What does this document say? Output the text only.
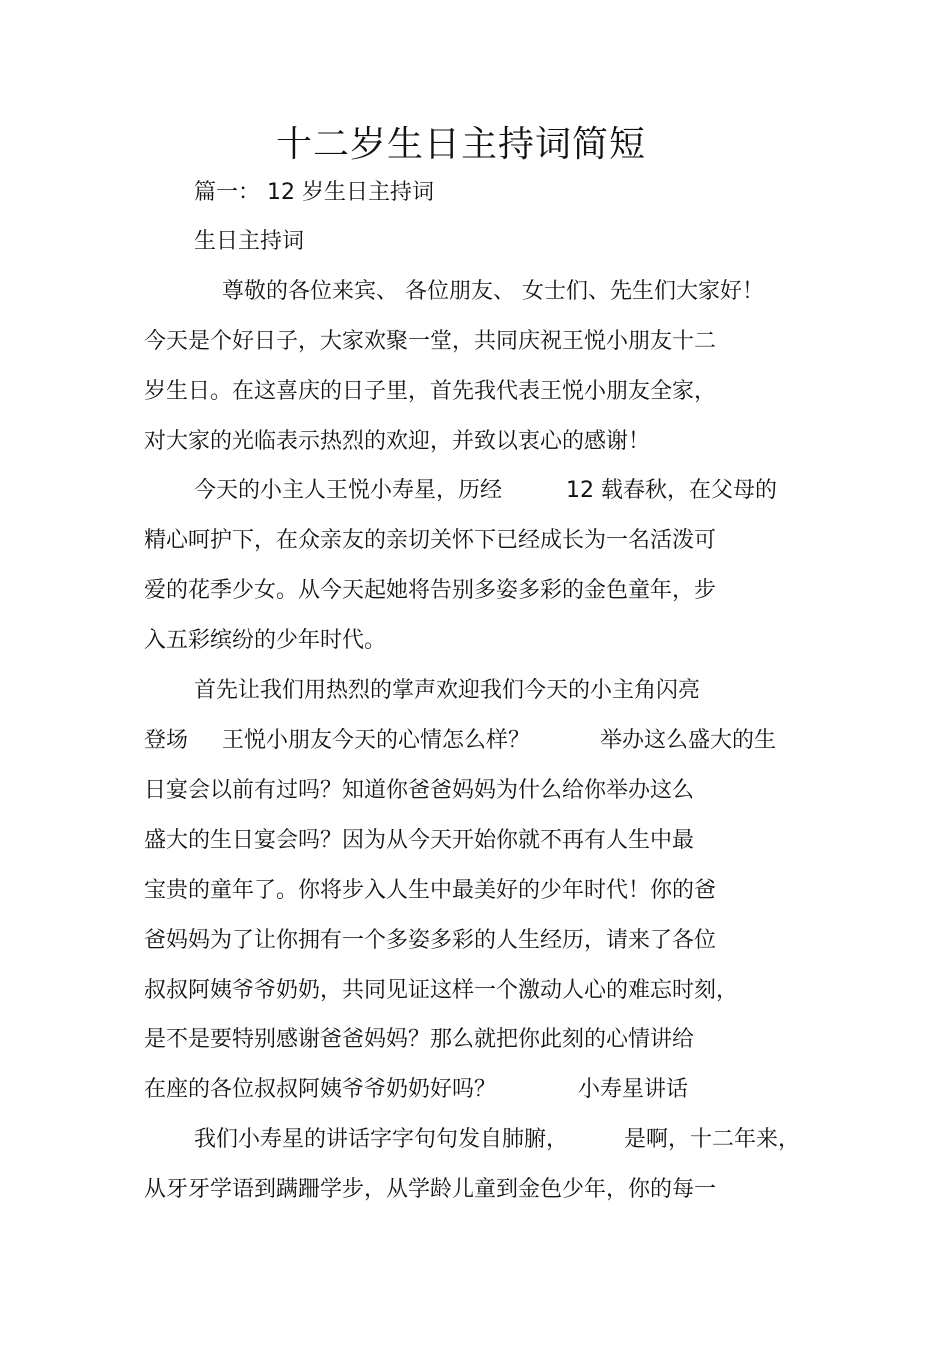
十二岁生日主持词简短
篇一： 12 岁生日主持词
生日主持词
尊敬的各位来宾、 各位朋友、 女士们、先生们大家好！
今天是个好日子，大家欢聚一堂，共同庆祝王悦小朋友十二
岁生日。在这喜庆的日子里，首先我代表王悦小朋友全家，
对大家的光临表示热烈的欢迎，并致以衷心的感谢！
今天的小主人王悦小寿星，历经	12 载春秋，在父母的
精心呵护下，在众亲友的亲切关怀下已经成长为一名活泼可
爱的花季少女。从今天起她将告别多姿多彩的金色童年，步
入五彩缤纷的少年时代。
首先让我们用热烈的掌声欢迎我们今天的小主角闪亮
登场 王悦小朋友今天的心情怎么样？	举办这么盛大的生
日宴会以前有过吗？知道你爸爸妈妈为什么给你举办这么
盛大的生日宴会吗？因为从今天开始你就不再有人生中最
宝贵的童年了。你将步入人生中最美好的少年时代！你的爸
爸妈妈为了让你拥有一个多姿多彩的人生经历，请来了各位
叔叔阿姨爷爷奶奶，共同见证这样一个激动人心的难忘时刻，
是不是要特别感谢爸爸妈妈？那么就把你此刻的心情讲给
在座的各位叔叔阿姨爷爷奶奶好吗？	小寿星讲话
我们小寿星的讲话字字句句发自肺腑，	是啊，十二年来，
从牙牙学语到蹒跚学步，从学龄儿童到金色少年，你的每一
